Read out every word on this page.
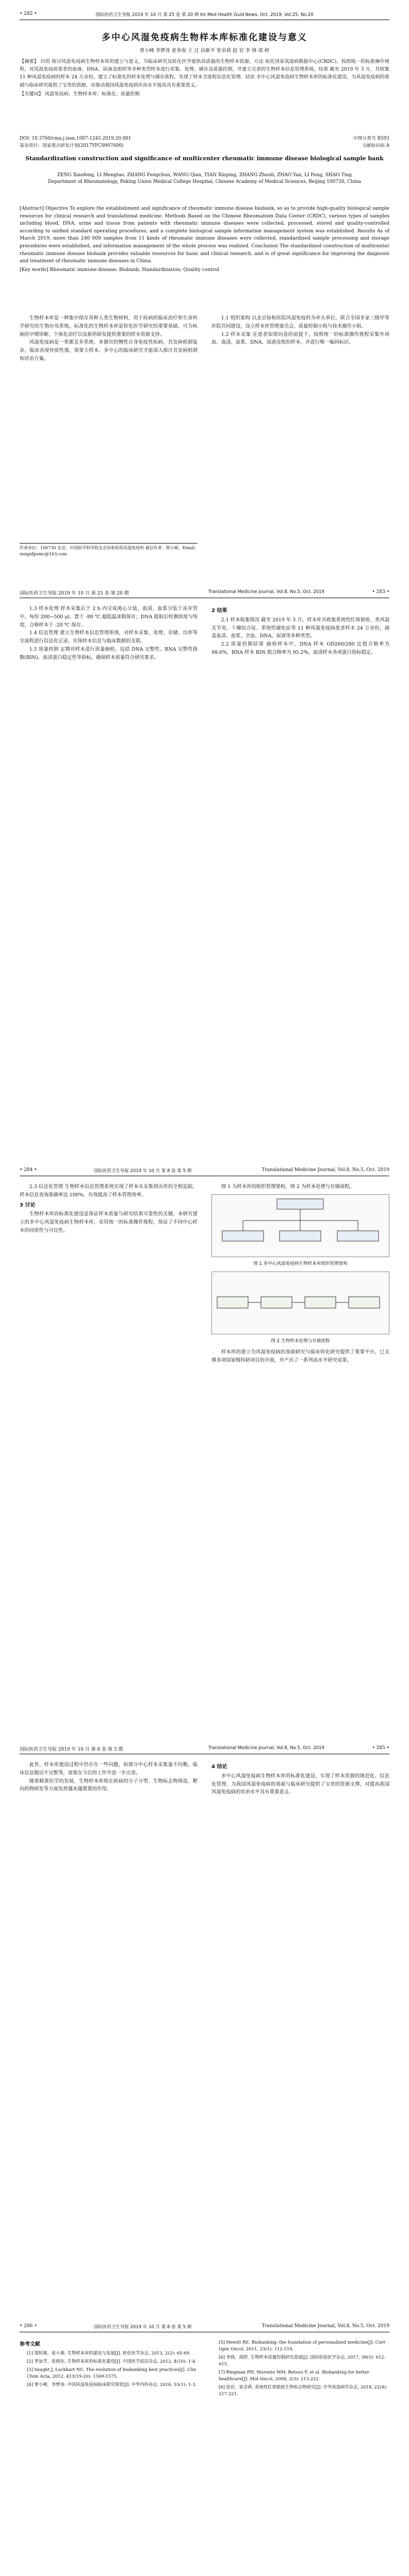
• 282 •	国际医药卫生导报 2019 年 10 月 第 25 卷 第 20 期 Int Med Health Guid News, Oct. 2019, Vol.25, No.20
多中心风湿免疫病生物样本库标准化建设与意义
曾小峰 李梦涛 张奉春 王 迁 田新平 张卓莉 赵 岩 李 锋 邵 婷
【摘要】 目的 探讨风湿免疫病生物样本库的建立与意义，为临床研究及转化医学提供高质量的生物样本资源。方法 依托国家风湿病数据中心(CRDC)，按照统一的标准操作规程，对风湿免疫病患者的血液、DNA、尿液及组织等多种类型样本进行采集、处理、储存及质量控制，并建立完善的生物样本信息管理系统。结果 截至 2019 年 3 月，共收集 11 种风湿免疫病的样本 24 万余份，建立了标准化的样本处理与储存流程，实现了样本全流程信息化管理。结论 多中心风湿免疫病生物样本库的标准化建设，为风湿免疫病的基础与临床研究提供了宝贵的资源，对推动我国风湿免疫病诊治水平提高具有重要意义。
【关键词】 风湿免疫病；生物样本库；标准化；质量控制
DOI: 10.3760/cma.j.issn.1007-1245.2019.20.001	中图分类号 R593
基金项目：国家重点研发计划(2017YFC0907600)	文献标识码 A
Standardization construction and significance of multicenter rheumatic immune disease biological sample bank
ZENG Xiaofeng, LI Mengtao, ZHANG Fengchun, WANG Qian, TIAN Xinping, ZHANG Zhuoli, ZHAO Yan, LI Feng, SHAO Ting
Department of Rheumatology, Peking Union Medical College Hospital, Chinese Academy of Medical Sciences, Beijing 100730, China
[Abstract] Objective To explore the establishment and significance of rheumatic immune disease biobank, so as to provide high-quality biological sample resources for clinical research and translational medicine. Methods Based on the Chinese Rheumatism Data Center (CRDC), various types of samples including blood, DNA, urine and tissue from patients with rheumatic immune diseases were collected, processed, stored and quality-controlled according to unified standard operating procedures, and a complete biological sample information management system was established. Results As of March 2019, more than 240 000 samples from 11 kinds of rheumatic immune diseases were collected, standardized sample processing and storage procedures were established, and information management of the whole process was realized. Conclusion The standardized construction of multicenter rheumatic immune disease biobank provides valuable resources for basic and clinical research, and is of great significance for improving the diagnosis and treatment of rheumatic immune diseases in China.
[Key words] Rheumatic immune disease; Biobank; Standardization; Quality control

生物样本库是一种集中保存各种人类生物材料，用于疾病的临床治疗和生命科学研究的生物应用系统。标准化的生物样本库是转化医学研究的重要基础，可为疾病的早期诊断、个体化治疗以及新药研发提供重要的样本资源支持。

风湿免疫病是一类累及多系统、多器官的慢性自身免疫性疾病，其发病机制复杂，临床表现异质性强，需要大样本、多中心的临床研究才能深入探讨其发病机制和诊治方案。

1.1 组织架构 以北京协和医院风湿免疫科为牵头单位，联合全国多家三级甲等医院共同建设，设立样本库管理委员会、质量控制小组与技术操作小组。

1.2 样本采集 在患者知情同意的前提下，按照统一的标准操作规程采集外周血、血清、血浆、DNA、尿液及组织样本，并进行唯一编码标识。

作者单位：100730 北京，中国医学科学院北京协和医院风湿免疫科 通信作者：曾小峰，Email: zengxfpumc@163.com
国际医药卫生导报 2019 年 10 月 第 25 卷 第 20 期	Translational Medicine Journal, Vol.8, No.5, Oct. 2019	• 283 •

1.3 样本处理 样本采集后于 2 h 内完成离心分装，血清、血浆分装于冻存管中，每份 200~500 μl，置于 -80 ℃ 超低温冰箱保存；DNA 提取后检测浓度与纯度，合格样本于 -20 ℃ 保存。

1.4 信息管理 建立生物样本信息管理系统，对样本采集、处理、存储、出库等全流程进行信息化记录，实现样本信息与临床数据的关联。

1.5 质量控制 定期对样本进行质量抽检，包括 DNA 完整性、RNA 完整性指数(RIN)、血清蛋白稳定性等指标，确保样本质量符合研究要求。

2 结果

2.1 样本收集情况 截至 2019 年 3 月，样本库共收集系统性红斑狼疮、类风湿关节炎、干燥综合征、系统性硬化症等 11 种风湿免疫病患者样本 24 万余份，涵盖血清、血浆、全血、DNA、尿液等多种类型。

2.2 质量控制结果 抽检样本中，DNA 样本 OD260/280 比值合格率为 98.6%，RNA 样本 RIN 值合格率为 95.2%，血清样本各项蛋白指标稳定。

• 284 •	国际医药卫生导报 2019 年 10 月 第 8 卷 第 5 期	Translational Medicine Journal, Vol.8, No.5, Oct. 2019

2.3 信息化管理 生物样本信息管理系统实现了样本从采集到出库的全程追踪，样本信息查询准确率达 100%，有效提高了样本管理效率。

3 讨论

生物样本库的标准化建设是保证样本质量与研究结果可靠性的关键。本研究建立的多中心风湿免疫病生物样本库，采用统一的标准操作规程，保证了不同中心样本的同质性与可比性。

图 1 为样本库的组织管理架构，图 2 为样本处理与存储流程。

图 1 多中心风湿免疫病生物样本库组织管理架构
图 2 生物样本处理与存储流程

样本库的建立为风湿免疫病的基础研究与临床转化研究提供了重要平台，已支撑多项国家级科研项目的开展，并产出了一系列高水平研究成果。

国际医药卫生导报 2019 年 10 月 第 8 卷 第 5 期	Translational Medicine Journal, Vol.8, No.5, Oct. 2019	• 285 •

此外，样本库建设过程中仍存在一些问题，如部分中心样本采集量不均衡、临床信息随访不完整等，需要在今后的工作中进一步完善。

随着精准医学的发展，生物样本库将在疾病的分子分型、生物标志物筛选、靶向药物研发等方面发挥越来越重要的作用。

4 结论

多中心风湿免疫病生物样本库的标准化建设，实现了样本资源的规范化、信息化管理，为我国风湿免疫病的基础与临床研究提供了宝贵的资源支撑，对提高我国风湿免疫病的诊治水平具有重要意义。

• 286 •	国际医药卫生导报 2019 年 10 月 第 8 卷 第 5 期	Translational Medicine Journal, Vol.8, No.5, Oct. 2019
参考文献
[1] 郜恒骏，张小燕. 生物样本库的建设与发展[J]. 转化医学杂志, 2013, 2(2): 65-69.
[2] 季加孚，张晓东. 生物样本库的标准化建设[J]. 中国医学前沿杂志, 2012, 4(10): 1-4.
[3] Vaught J, Lockhart NC. The evolution of biobanking best practices[J]. Clin Chim Acta, 2012, 413(19-20): 1569-1575.
[4] 曾小峰，李梦涛. 中国风湿免疫病临床研究现状[J]. 中华内科杂志, 2016, 55(1): 1-3.
[5] Hewitt RE. Biobanking: the foundation of personalized medicine[J]. Curr Opin Oncol, 2011, 23(1): 112-119.
[6] 李锋，邵婷. 生物样本质量控制研究进展[J]. 国际检验医学杂志, 2017, 38(5): 612-615.
[7] Riegman PH, Morente MM, Betsou F, et al. Biobanking for better healthcare[J]. Mol Oncol, 2008, 2(3): 213-222.
[8] 赵岩，张卓莉. 系统性红斑狼疮生物标志物研究[J]. 中华风湿病学杂志, 2018, 22(4): 217-221.
